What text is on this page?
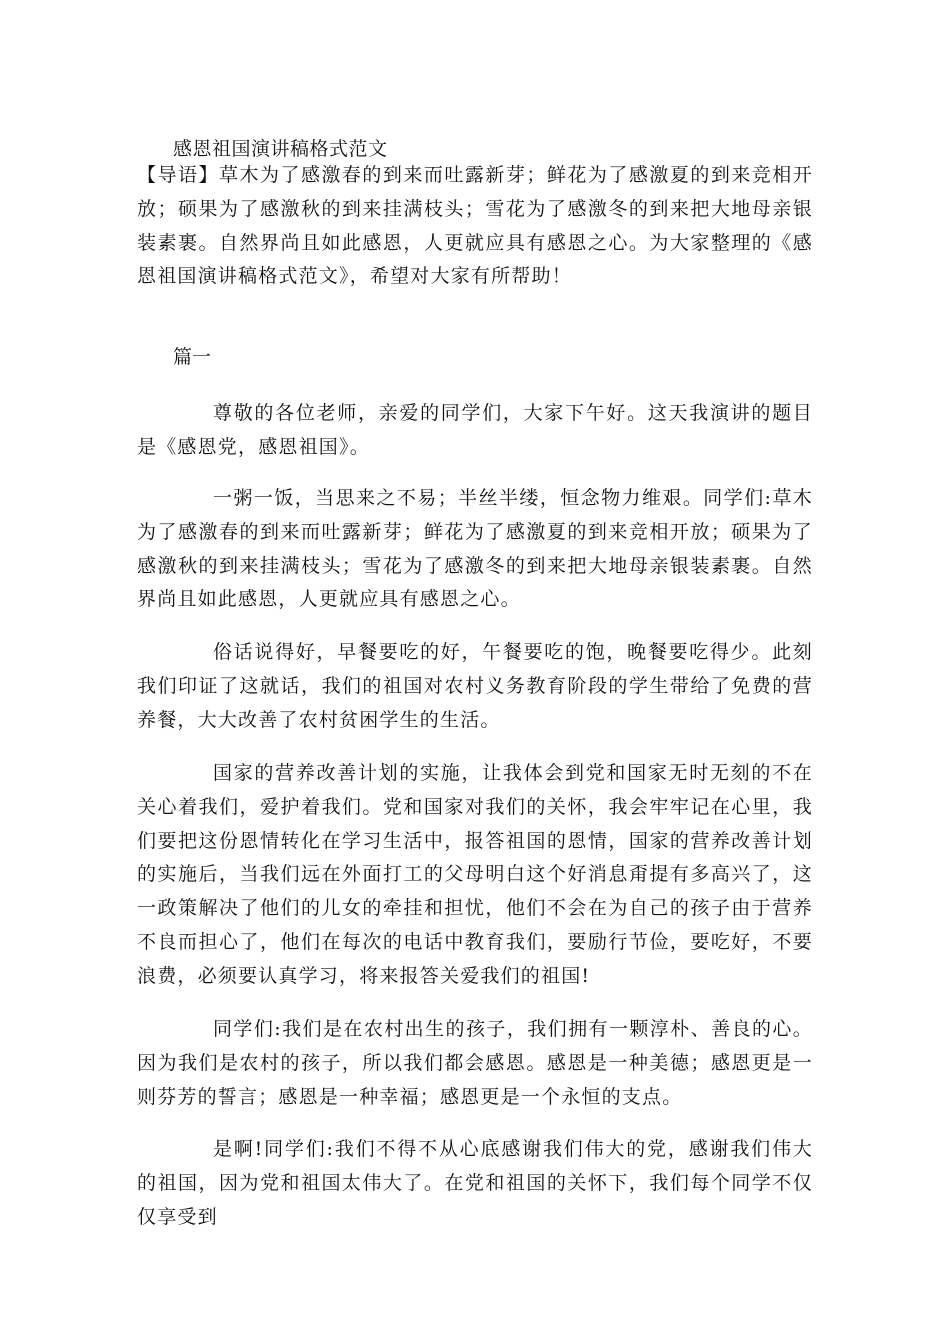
感恩祖国演讲稿格式范文

【导语】草木为了感激春的到来而吐露新芽；鲜花为了感激夏的到来竞相开放；硕果为了感激秋的到来挂满枝头；雪花为了感激冬的到来把大地母亲银装素裹。自然界尚且如此感恩，人更就应具有感恩之心。为大家整理的《感恩祖国演讲稿格式范文》，希望对大家有所帮助！

篇一

尊敬的各位老师，亲爱的同学们，大家下午好。这天我演讲的题目是《感恩党，感恩祖国》。

一粥一饭，当思来之不易；半丝半缕，恒念物力维艰。同学们:草木为了感激春的到来而吐露新芽；鲜花为了感激夏的到来竞相开放；硕果为了感激秋的到来挂满枝头；雪花为了感激冬的到来把大地母亲银装素裹。自然界尚且如此感恩，人更就应具有感恩之心。

俗话说得好，早餐要吃的好，午餐要吃的饱，晚餐要吃得少。此刻我们印证了这就话，我们的祖国对农村义务教育阶段的学生带给了免费的营养餐，大大改善了农村贫困学生的生活。

国家的营养改善计划的实施，让我体会到党和国家无时无刻的不在关心着我们，爱护着我们。党和国家对我们的关怀，我会牢牢记在心里，我们要把这份恩情转化在学习生活中，报答祖国的恩情，国家的营养改善计划的实施后，当我们远在外面打工的父母明白这个好消息甭提有多高兴了，这一政策解决了他们的儿女的牵挂和担忧，他们不会在为自己的孩子由于营养不良而担心了，他们在每次的电话中教育我们，要励行节俭，要吃好，不要浪费，必须要认真学习，将来报答关爱我们的祖国!

同学们:我们是在农村出生的孩子，我们拥有一颗淳朴、善良的心。因为我们是农村的孩子，所以我们都会感恩。感恩是一种美德；感恩更是一则芬芳的誓言；感恩是一种幸福；感恩更是一个永恒的支点。

是啊!同学们:我们不得不从心底感谢我们伟大的党，感谢我们伟大的祖国，因为党和祖国太伟大了。在党和祖国的关怀下，我们每个同学不仅仅享受到
